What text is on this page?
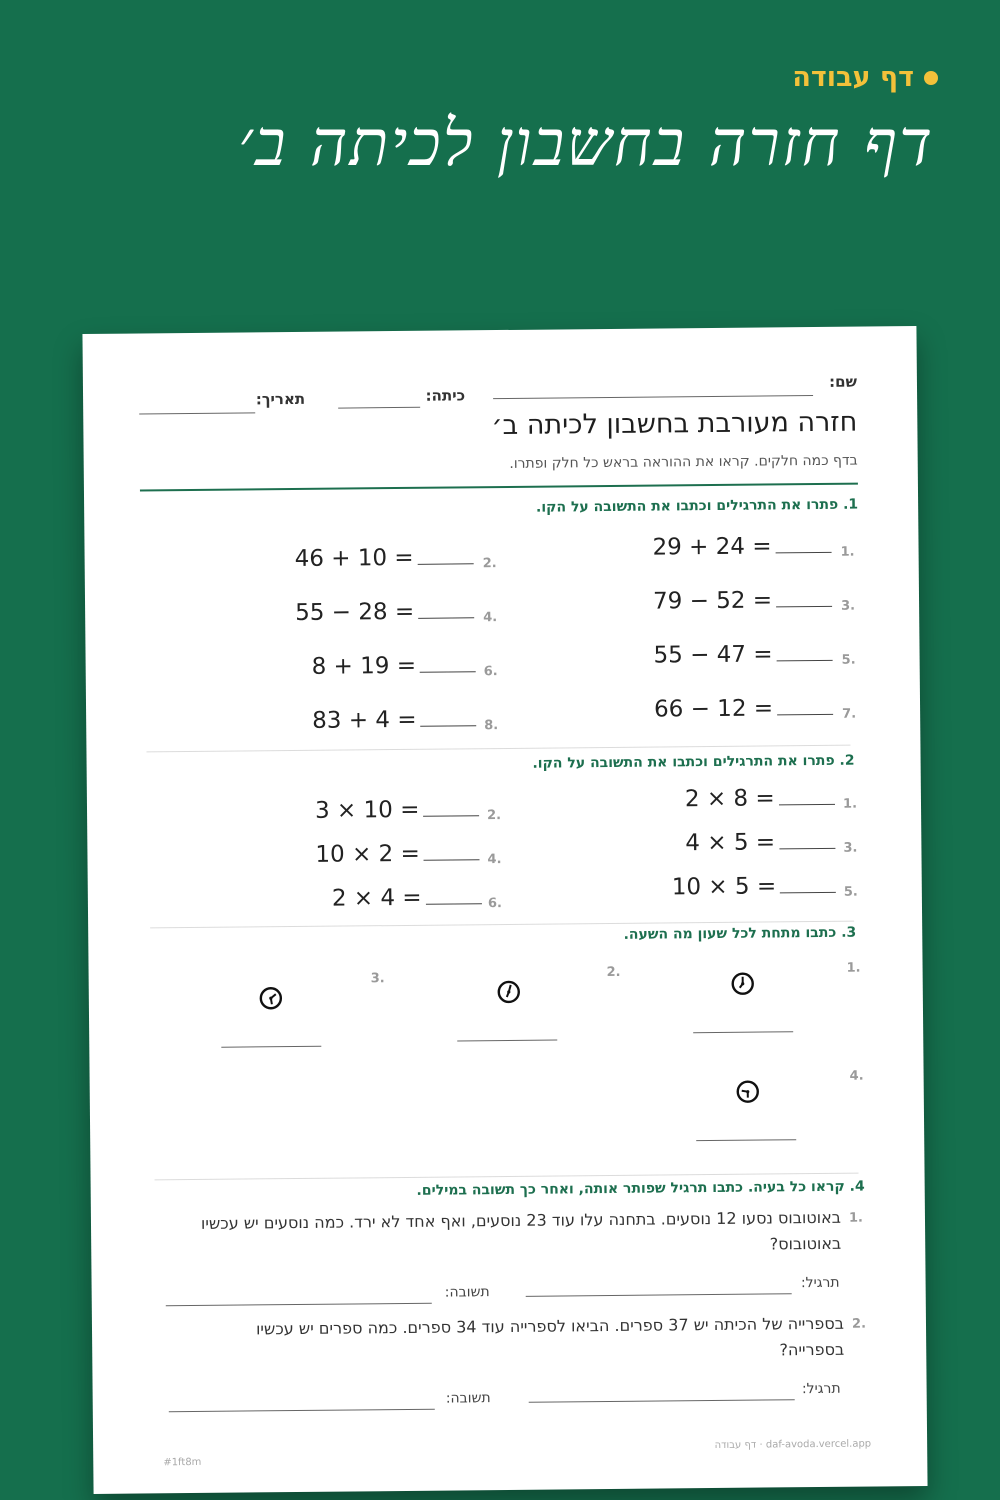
דף עבודה
דף חזרה בחשבון לכיתה ב׳
שם:
כיתה:
תאריך:
חזרה מעורבת בחשבון לכיתה ב׳
בדף כמה חלקים. קראו את ההוראה בראש כל חלק ופתרו.
1. פתרו את התרגילים וכתבו את התשובה על הקו.
1.
29 + 24 =
2.
46 + 10 =
3.
79 − 52 =
4.
55 − 28 =
5.
55 − 47 =
6.
8 + 19 =
7.
66 − 12 =
8.
83 + 4 =
2. פתרו את התרגילים וכתבו את התשובה על הקו.
1.
2 × 8 =
2.
3 × 10 =
3.
4 × 5 =
4.
10 × 2 =
5.
10 × 5 =
6.
2 × 4 =
3. כתבו מתחת לכל שעון מה השעה.
1.
2.
3.
4.
4. קראו כל בעיה. כתבו תרגיל שפותר אותה, ואחר כך תשובה במילים.
1.
באוטובוס נסעו 12 נוסעים. בתחנה עלו עוד 23 נוסעים, ואף אחד לא ירד. כמה נוסעים יש עכשיו באוטובוס?
תרגיל:
תשובה:
2.
בספרייה של הכיתה יש 37 ספרים. הביאו לספרייה עוד 34 ספרים. כמה ספרים יש עכשיו בספרייה?
תרגיל:
תשובה:
#1ft8m
daf-avoda.vercel.app · דף עבודה
